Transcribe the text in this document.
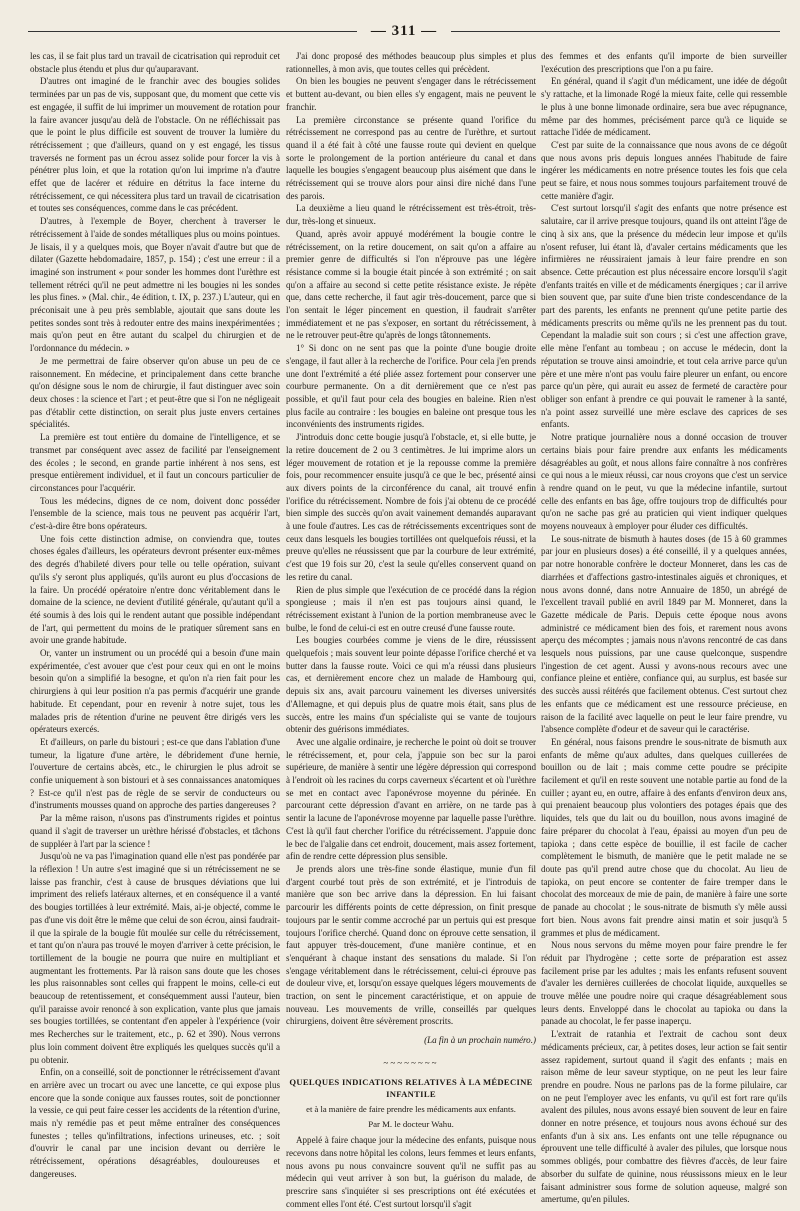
— 311 —

les cas, il se fait plus tard un travail de cicatrisation qui reproduit cet obstacle plus étendu et plus dur qu'auparavant.

D'autres ont imaginé de le franchir avec des bougies solides terminées par un pas de vis, supposant que, du moment que cette vis est engagée, il suffit de lui imprimer un mouvement de rotation pour la faire avancer jusqu'au delà de l'obstacle. On ne réfléchissait pas que le point le plus difficile est souvent de trouver la lumière du rétrécissement ; que d'ailleurs, quand on y est engagé, les tissus traversés ne forment pas un écrou assez solide pour forcer la vis à pénétrer plus loin, et que la rotation qu'on lui imprime n'a d'autre effet que de lacérer et réduire en détritus la face interne du rétrécissement, ce qui nécessitera plus tard un travail de cicatrisation et toutes ses conséquences, comme dans le cas précédent.

D'autres, à l'exemple de Boyer, cherchent à traverser le rétrécissement à l'aide de sondes métalliques plus ou moins pointues. Je lisais, il y a quelques mois, que Boyer n'avait d'autre but que de dilater (Gazette hebdomadaire, 1857, p. 154) ; c'est une erreur : il a imaginé son instrument « pour sonder les hommes dont l'urèthre est tellement rétréci qu'il ne peut admettre ni les bougies ni les sondes les plus fines. » (Mal. chir., 4e édition, t. IX, p. 237.) L'auteur, qui en préconisait une à peu près semblable, ajoutait que sans doute les petites sondes sont très à redouter entre des mains inexpérimentées ; mais qu'on peut en être autant du scalpel du chirurgien et de l'ordonnance du médecin. »

Je me permettrai de faire observer qu'on abuse un peu de ce raisonnement. En médecine, et principalement dans cette branche qu'on désigne sous le nom de chirurgie, il faut distinguer avec soin deux choses : la science et l'art ; et peut-être que si l'on ne négligeait pas d'établir cette distinction, on serait plus juste envers certaines spécialités.

La première est tout entière du domaine de l'intelligence, et se transmet par conséquent avec assez de facilité par l'enseignement des écoles ; le second, en grande partie inhérent à nos sens, est presque entièrement individuel, et il faut un concours particulier de circonstances pour l'acquérir.

Tous les médecins, dignes de ce nom, doivent donc posséder l'ensemble de la science, mais tous ne peuvent pas acquérir l'art, c'est-à-dire être bons opérateurs.

Une fois cette distinction admise, on conviendra que, toutes choses égales d'ailleurs, les opérateurs devront présenter eux-mêmes des degrés d'habileté divers pour telle ou telle opération, suivant qu'ils s'y seront plus appliqués, qu'ils auront eu plus d'occasions de la faire. Un procédé opératoire n'entre donc véritablement dans le domaine de la science, ne devient d'utilité générale, qu'autant qu'il a été soumis à des lois qui le rendent autant que possible indépendant de l'art, qui permettent du moins de le pratiquer sûrement sans en avoir une grande habitude.

Or, vanter un instrument ou un procédé qui a besoin d'une main expérimentée, c'est avouer que c'est pour ceux qui en ont le moins besoin qu'on a simplifié la besogne, et qu'on n'a rien fait pour les chirurgiens à qui leur position n'a pas permis d'acquérir une grande habitude. Et cependant, pour en revenir à notre sujet, tous les malades pris de rétention d'urine ne peuvent être dirigés vers les opérateurs exercés.

Et d'ailleurs, on parle du bistouri ; est-ce que dans l'ablation d'une tumeur, la ligature d'une artère, le débridement d'une hernie, l'ouverture de certains abcès, etc., le chirurgien le plus adroit se confie uniquement à son bistouri et à ses connaissances anatomiques ? Est-ce qu'il n'est pas de règle de se servir de conducteurs ou d'instruments mousses quand on approche des parties dangereuses ?

Par la même raison, n'usons pas d'instruments rigides et pointus quand il s'agit de traverser un urèthre hérissé d'obstacles, et tâchons de suppléer à l'art par la science !

Jusqu'où ne va pas l'imagination quand elle n'est pas pondérée par la réflexion ! Un autre s'est imaginé que si un rétrécissement ne se laisse pas franchir, c'est à cause de brusques déviations que lui impriment des reliefs latéraux alternes, et en conséquence il a vanté des bougies tortillées à leur extrémité. Mais, ai-je objecté, comme le pas d'une vis doit être le même que celui de son écrou, ainsi faudrait-il que la spirale de la bougie fût moulée sur celle du rétrécissement, et tant qu'on n'aura pas trouvé le moyen d'arriver à cette précision, le tortillement de la bougie ne pourra que nuire en multipliant et augmentant les frottements. Par là raison sans doute que les choses les plus raisonnables sont celles qui frappent le moins, celle-ci eut beaucoup de retentissement, et conséquemment aussi l'auteur, bien qu'il paraisse avoir renoncé à son explication, vante plus que jamais ses bougies tortillées, se contentant d'en appeler à l'expérience (voir mes Recherches sur le traitement, etc., p. 62 et 390). Nous verrons plus loin comment doivent être expliqués les quelques succès qu'il a pu obtenir.

Enfin, on a conseillé, soit de ponctionner le rétrécissement d'avant en arrière avec un trocart ou avec une lancette, ce qui expose plus encore que la sonde conique aux fausses routes, soit de ponctionner la vessie, ce qui peut faire cesser les accidents de la rétention d'urine, mais n'y remédie pas et peut même entraîner des conséquences funestes ; telles qu'infiltrations, infections urineuses, etc. ; soit d'ouvrir le canal par une incision devant ou derrière le rétrécissement, opérations désagréables, douloureuses et dangereuses.

J'ai donc proposé des méthodes beaucoup plus simples et plus rationnelles, à mon avis, que toutes celles qui précèdent.

On bien les bougies ne peuvent s'engager dans le rétrécissement et buttent au-devant, ou bien elles s'y engagent, mais ne peuvent le franchir.

La première circonstance se présente quand l'orifice du rétrécissement ne correspond pas au centre de l'urèthre, et surtout quand il a été fait à côté une fausse route qui devient en quelque sorte le prolongement de la portion antérieure du canal et dans laquelle les bougies s'engagent beaucoup plus aisément que dans le rétrécissement qui se trouve alors pour ainsi dire niché dans l'une des parois.

La deuxième a lieu quand le rétrécissement est très-étroit, très-dur, très-long et sinueux.

Quand, après avoir appuyé modérément la bougie contre le rétrécissement, on la retire doucement, on sait qu'on a affaire au premier genre de difficultés si l'on n'éprouve pas une légère résistance comme si la bougie était pincée à son extrémité ; on sait qu'on a affaire au second si cette petite résistance existe. Je répète que, dans cette recherche, il faut agir très-doucement, parce que si l'on sentait le léger pincement en question, il faudrait s'arrêter immédiatement et ne pas s'exposer, en sortant du rétrécissement, à ne le retrouver peut-être qu'après de longs tâtonnements.

1° Si donc on ne sent pas que la pointe d'une bougie droite s'engage, il faut aller à la recherche de l'orifice. Pour cela j'en prends une dont l'extrémité a été pliée assez fortement pour conserver une courbure permanente. On a dit dernièrement que ce n'est pas possible, et qu'il faut pour cela des bougies en baleine. Rien n'est plus facile au contraire : les bougies en baleine ont presque tous les inconvénients des instruments rigides.

J'introduis donc cette bougie jusqu'à l'obstacle, et, si elle butte, je la retire doucement de 2 ou 3 centimètres. Je lui imprime alors un léger mouvement de rotation et je la repousse comme la première fois, pour recommencer ensuite jusqu'à ce que le bec, présenté ainsi aux divers points de la circonférence du canal, ait trouvé enfin l'orifice du rétrécissement. Nombre de fois j'ai obtenu de ce procédé bien simple des succès qu'on avait vainement demandés auparavant à une foule d'autres. Les cas de rétrécissements excentriques sont de ceux dans lesquels les bougies tortillées ont quelquefois réussi, et la preuve qu'elles ne réussissent que par la courbure de leur extrémité, c'est que 19 fois sur 20, c'est la seule qu'elles conservent quand on les retire du canal.

Rien de plus simple que l'exécution de ce procédé dans la région spongieuse ; mais il n'en est pas toujours ainsi quand, le rétrécissement existant à l'union de la portion membraneuse avec le bulbe, le fond de celui-ci est en outre creusé d'une fausse route.

Les bougies courbées comme je viens de le dire, réussissent quelquefois ; mais souvent leur pointe dépasse l'orifice cherché et va butter dans la fausse route. Voici ce qui m'a réussi dans plusieurs cas, et dernièrement encore chez un malade de Hambourg qui, depuis six ans, avait parcouru vainement les diverses universités d'Allemagne, et qui depuis plus de quatre mois était, sans plus de succès, entre les mains d'un spécialiste qui se vante de toujours obtenir des guérisons immédiates.

Avec une algalie ordinaire, je recherche le point où doit se trouver le rétrécissement, et, pour cela, j'appuie son bec sur la paroi supérieure, de manière à sentir une légère dépression qui correspond à l'endroit où les racines du corps caverneux s'écartent et où l'urèthre se met en contact avec l'aponévrose moyenne du périnée. En parcourant cette dépression d'avant en arrière, on ne tarde pas à sentir la lacune de l'aponévrose moyenne par laquelle passe l'urèthre. C'est là qu'il faut chercher l'orifice du rétrécissement. J'appuie donc le bec de l'algalie dans cet endroit, doucement, mais assez fortement, afin de rendre cette dépression plus sensible.

Je prends alors une très-fine sonde élastique, munie d'un fil d'argent courbé tout près de son extrémité, et je l'introduis de manière que son bec arrive dans la dépression. En lui faisant parcourir les différents points de cette dépression, on finit presque toujours par le sentir comme accroché par un pertuis qui est presque toujours l'orifice cherché. Quand donc on éprouve cette sensation, il faut appuyer très-doucement, d'une manière continue, et en s'enquérant à chaque instant des sensations du malade. Si l'on s'engage véritablement dans le rétrécissement, celui-ci éprouve pas de douleur vive, et, lorsqu'on essaye quelques légers mouvements de traction, on sent le pincement caractéristique, et on appuie de nouveau. Les mouvements de vrille, conseillés par quelques chirurgiens, doivent être sévèrement proscrits.

(La fin à un prochain numéro.)

~~~~~~~~

QUELQUES INDICATIONS RELATIVES À LA MÉDECINE INFANTILE

et à la manière de faire prendre les médicaments aux enfants.

Par M. le docteur Wahu.

Appelé à faire chaque jour la médecine des enfants, puisque nous recevons dans notre hôpital les colons, leurs femmes et leurs enfants, nous avons pu nous convaincre souvent qu'il ne suffit pas au médecin qui veut arriver à son but, la guérison du malade, de prescrire sans s'inquiéter si ses prescriptions ont été exécutées et comment elles l'ont été. C'est surtout lorsqu'il s'agit

des femmes et des enfants qu'il importe de bien surveiller l'exécution des prescriptions que l'on a pu faire.

En général, quand il s'agit d'un médicament, une idée de dégoût s'y rattache, et la limonade Rogé la mieux faite, celle qui ressemble le plus à une bonne limonade ordinaire, sera bue avec répugnance, même par des hommes, précisément parce qu'à ce liquide se rattache l'idée de médicament.

C'est par suite de la connaissance que nous avons de ce dégoût que nous avons pris depuis longues années l'habitude de faire ingérer les médicaments en notre présence toutes les fois que cela peut se faire, et nous nous sommes toujours parfaitement trouvé de cette manière d'agir.

C'est surtout lorsqu'il s'agit des enfants que notre présence est salutaire, car il arrive presque toujours, quand ils ont atteint l'âge de cinq à six ans, que la présence du médecin leur impose et qu'ils n'osent refuser, lui étant là, d'avaler certains médicaments que les infirmières ne réussiraient jamais à leur faire prendre en son absence. Cette précaution est plus nécessaire encore lorsqu'il s'agit d'enfants traités en ville et de médicaments énergiques ; car il arrive bien souvent que, par suite d'une bien triste condescendance de la part des parents, les enfants ne prennent qu'une petite partie des médicaments prescrits ou même qu'ils ne les prennent pas du tout. Cependant la maladie suit son cours ; si c'est une affection grave, elle mène l'enfant au tombeau ; on accuse le médecin, dont la réputation se trouve ainsi amoindrie, et tout cela arrive parce qu'un père et une mère n'ont pas voulu faire pleurer un enfant, ou encore parce qu'un père, qui aurait eu assez de fermeté de caractère pour obliger son enfant à prendre ce qui pouvait le ramener à la santé, n'a point assez surveillé une mère esclave des caprices de ses enfants.

Notre pratique journalière nous a donné occasion de trouver certains biais pour faire prendre aux enfants les médicaments désagréables au goût, et nous allons faire connaître à nos confrères ce qui nous a le mieux réussi, car nous croyons que c'est un service à rendre quand on le peut, vu que la médecine infantile, surtout celle des enfants en bas âge, offre toujours trop de difficultés pour qu'on ne sache pas gré au praticien qui vient indiquer quelques moyens nouveaux à employer pour éluder ces difficultés.

Le sous-nitrate de bismuth à hautes doses (de 15 à 60 grammes par jour en plusieurs doses) a été conseillé, il y a quelques années, par notre honorable confrère le docteur Monneret, dans les cas de diarrhées et d'affections gastro-intestinales aiguës et chroniques, et nous avons donné, dans notre Annuaire de 1850, un abrégé de l'excellent travail publié en avril 1849 par M. Monneret, dans la Gazette médicale de Paris. Depuis cette époque nous avons administré ce médicament bien des fois, et rarement nous avons aperçu des mécomptes ; jamais nous n'avons rencontré de cas dans lesquels nous puissions, par une cause quelconque, suspendre l'ingestion de cet agent. Aussi y avons-nous recours avec une confiance pleine et entière, confiance qui, au surplus, est basée sur des succès aussi réitérés que facilement obtenus. C'est surtout chez les enfants que ce médicament est une ressource précieuse, en raison de la facilité avec laquelle on peut le leur faire prendre, vu l'absence complète d'odeur et de saveur qui le caractérise.

En général, nous faisons prendre le sous-nitrate de bismuth aux enfants de même qu'aux adultes, dans quelques cuillerées de bouillon ou de lait ; mais comme cette poudre se précipite facilement et qu'il en reste souvent une notable partie au fond de la cuiller ; ayant eu, en outre, affaire à des enfants d'environ deux ans, qui prenaient beaucoup plus volontiers des potages épais que des liquides, tels que du lait ou du bouillon, nous avons imaginé de faire préparer du chocolat à l'eau, épaissi au moyen d'un peu de tapioka ; dans cette espèce de bouillie, il est facile de cacher complètement le bismuth, de manière que le petit malade ne se doute pas qu'il prend autre chose que du chocolat. Au lieu de tapioka, on peut encore se contenter de faire tremper dans le chocolat des morceaux de mie de pain, de manière à faire une sorte de panade au chocolat ; le sous-nitrate de bismuth s'y mêle aussi fort bien. Nous avons fait prendre ainsi matin et soir jusqu'à 5 grammes et plus de médicament.

Nous nous servons du même moyen pour faire prendre le fer réduit par l'hydrogène ; cette sorte de préparation est assez facilement prise par les adultes ; mais les enfants refusent souvent d'avaler les dernières cuillerées de chocolat liquide, auxquelles se trouve mêlée une poudre noire qui craque désagréablement sous leurs dents. Enveloppé dans le chocolat au tapioka ou dans la panade au chocolat, le fer passe inaperçu.

L'extrait de ratanhia et l'extrait de cachou sont deux médicaments précieux, car, à petites doses, leur action se fait sentir assez rapidement, surtout quand il s'agit des enfants ; mais en raison même de leur saveur styptique, on ne peut les leur faire prendre en poudre. Nous ne parlons pas de la forme pilulaire, car on ne peut l'employer avec les enfants, vu qu'il est fort rare qu'ils avalent des pilules, nous avons essayé bien souvent de leur en faire donner en notre présence, et toujours nous avons échoué sur des enfants d'un à six ans. Les enfants ont une telle répugnance ou éprouvent une telle difficulté à avaler des pilules, que lorsque nous sommes obligés, pour combattre des fièvres d'accès, de leur faire absorber du sulfate de quinine, nous réussissons mieux en le leur faisant administrer sous forme de solution aqueuse, malgré son amertume, qu'en pilules.
